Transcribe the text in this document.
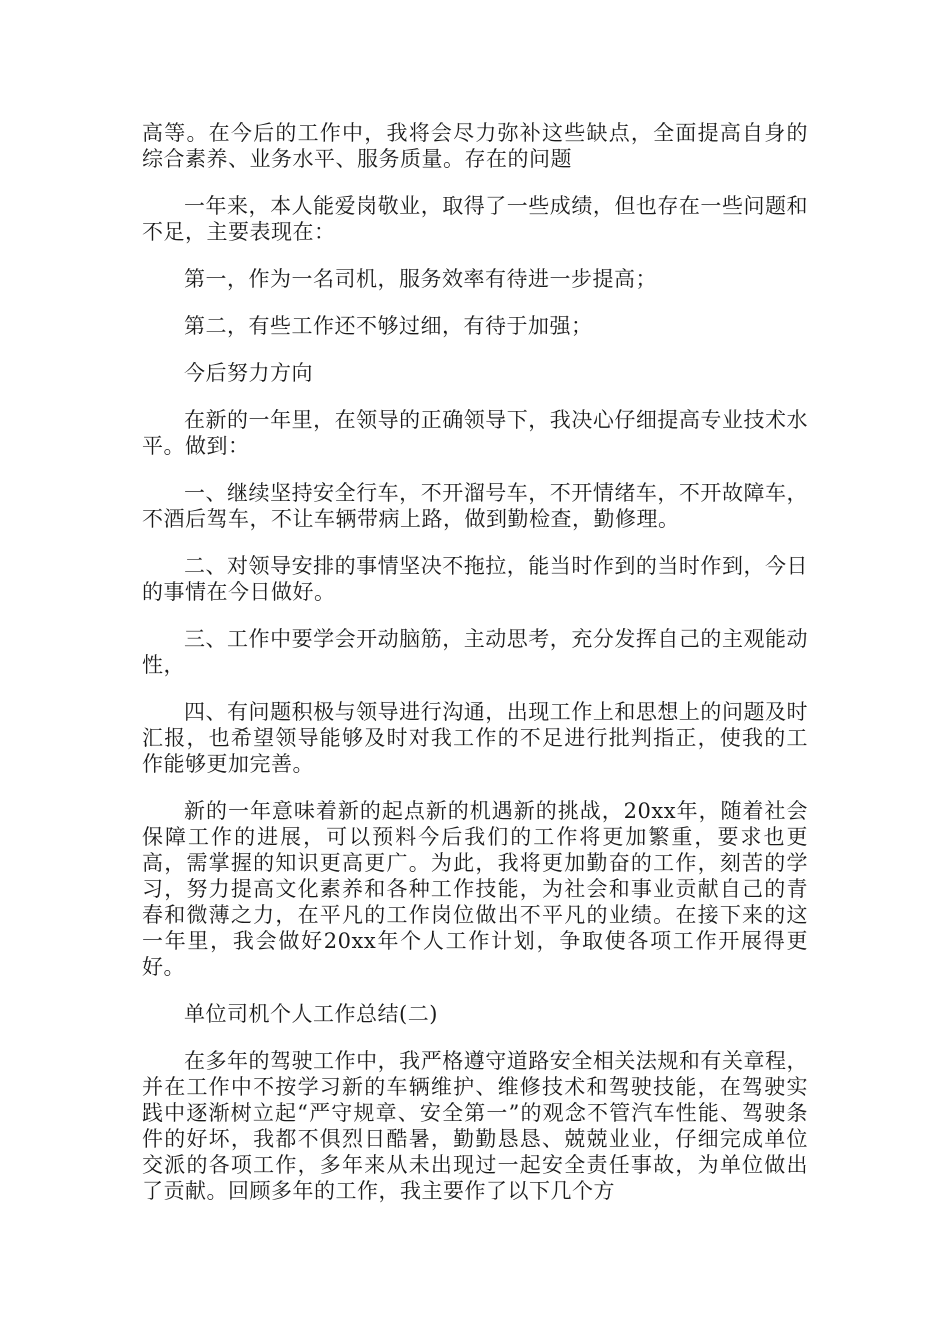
高等。在今后的工作中，我将会尽力弥补这些缺点，全面提高自身的综合素养、业务水平、服务质量。存在的问题

一年来，本人能爱岗敬业，取得了一些成绩，但也存在一些问题和不足，主要表现在：

第一，作为一名司机，服务效率有待进一步提高；

第二，有些工作还不够过细，有待于加强；

今后努力方向

在新的一年里，在领导的正确领导下，我决心仔细提高专业技术水平。做到：

一、继续坚持安全行车，不开溜号车，不开情绪车，不开故障车，不酒后驾车，不让车辆带病上路，做到勤检查，勤修理。

二、对领导安排的事情坚决不拖拉，能当时作到的当时作到，今日的事情在今日做好。

三、工作中要学会开动脑筋，主动思考，充分发挥自己的主观能动性，

四、有问题积极与领导进行沟通，出现工作上和思想上的问题及时汇报，也希望领导能够及时对我工作的不足进行批判指正，使我的工作能够更加完善。

新的一年意味着新的起点新的机遇新的挑战，20xx年，随着社会保障工作的进展，可以预料今后我们的工作将更加繁重，要求也更高，需掌握的知识更高更广。为此，我将更加勤奋的工作，刻苦的学习，努力提高文化素养和各种工作技能，为社会和事业贡献自己的青春和微薄之力，在平凡的工作岗位做出不平凡的业绩。在接下来的这一年里，我会做好20xx年个人工作计划，争取使各项工作开展得更好。

单位司机个人工作总结(二)

在多年的驾驶工作中，我严格遵守道路安全相关法规和有关章程，并在工作中不按学习新的车辆维护、维修技术和驾驶技能，在驾驶实践中逐渐树立起“严守规章、安全第一”的观念不管汽车性能、驾驶条件的好坏，我都不俱烈日酷暑，勤勤恳恳、兢兢业业，仔细完成单位交派的各项工作，多年来从未出现过一起安全责任事故，为单位做出了贡献。回顾多年的工作，我主要作了以下几个方
